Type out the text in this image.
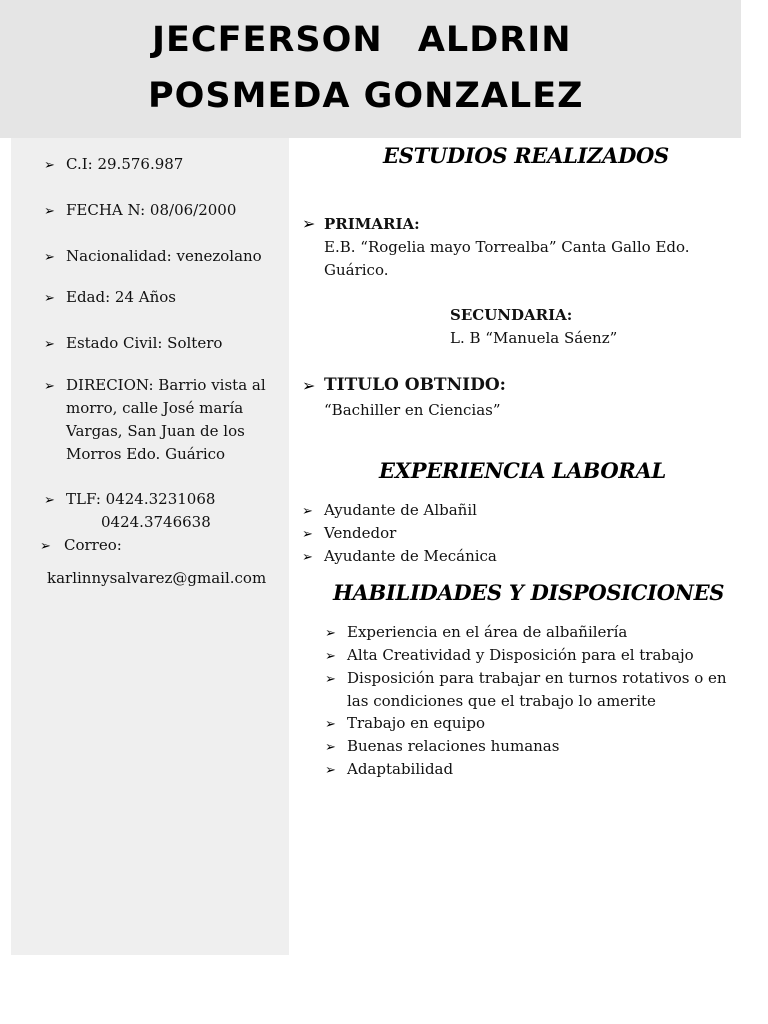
JECFERSON ALDRIN
POSMEDA GONZALEZ
➢ C.I: 29.576.987
➢ FECHA N: 08/06/2000
➢ Nacionalidad: venezolano
➢ Edad: 24 Años
➢ Estado Civil: Soltero
➢ DIRECION: Barrio vista al
morro, calle José maría
Vargas, San Juan de los
Morros Edo. Guárico
➢ TLF: 0424.3231068
0424.3746638
➢ Correo:
karlinnysalvarez@gmail.com
ESTUDIOS REALIZADOS
➢ PRIMARIA:
E.B. “Rogelia mayo Torrealba” Canta Gallo Edo.
Guárico.
SECUNDARIA:
L. B “Manuela Sáenz”
➢ TITULO OBTNIDO:
“Bachiller en Ciencias”
EXPERIENCIA LABORAL
➢ Ayudante de Albañil
➢ Vendedor
➢ Ayudante de Mecánica
HABILIDADES Y DISPOSICIONES
➢ Experiencia en el área de albañilería
➢ Alta Creatividad y Disposición para el trabajo
➢ Disposición para trabajar en turnos rotativos o en
las condiciones que el trabajo lo amerite
➢ Trabajo en equipo
➢ Buenas relaciones humanas
➢ Adaptabilidad
